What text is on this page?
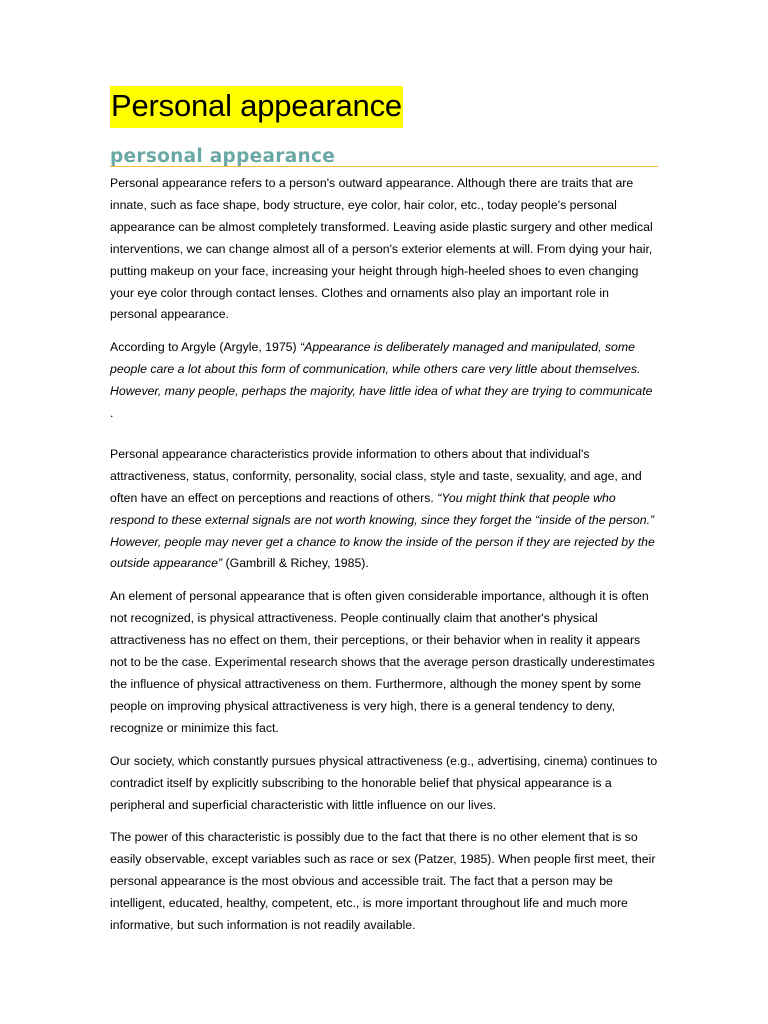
Personal appearance
personal appearance

Personal appearance refers to a person's outward appearance. Although there are traits that are innate, such as face shape, body structure, eye color, hair color, etc., today people's personal appearance can be almost completely transformed. Leaving aside plastic surgery and other medical interventions, we can change almost all of a person's exterior elements at will. From dying your hair, putting makeup on your face, increasing your height through high-heeled shoes to even changing your eye color through contact lenses. Clothes and ornaments also play an important role in personal appearance.

According to Argyle (Argyle, 1975) “Appearance is deliberately managed and manipulated, some people care a lot about this form of communication, while others care very little about themselves. However, many people, perhaps the majority, have little idea of what they are trying to communicate
.

Personal appearance characteristics provide information to others about that individual's attractiveness, status, conformity, personality, social class, style and taste, sexuality, and age, and often have an effect on perceptions and reactions of others. “You might think that people who respond to these external signals are not worth knowing, since they forget the “inside of the person.” However, people may never get a chance to know the inside of the person if they are rejected by the outside appearance” (Gambrill & Richey, 1985).

An element of personal appearance that is often given considerable importance, although it is often not recognized, is physical attractiveness. People continually claim that another's physical attractiveness has no effect on them, their perceptions, or their behavior when in reality it appears not to be the case. Experimental research shows that the average person drastically underestimates the influence of physical attractiveness on them. Furthermore, although the money spent by some people on improving physical attractiveness is very high, there is a general tendency to deny, recognize or minimize this fact.

Our society, which constantly pursues physical attractiveness (e.g., advertising, cinema) continues to contradict itself by explicitly subscribing to the honorable belief that physical appearance is a peripheral and superficial characteristic with little influence on our lives.

The power of this characteristic is possibly due to the fact that there is no other element that is so easily observable, except variables such as race or sex (Patzer, 1985). When people first meet, their personal appearance is the most obvious and accessible trait. The fact that a person may be intelligent, educated, healthy, competent, etc., is more important throughout life and much more informative, but such information is not readily available.
